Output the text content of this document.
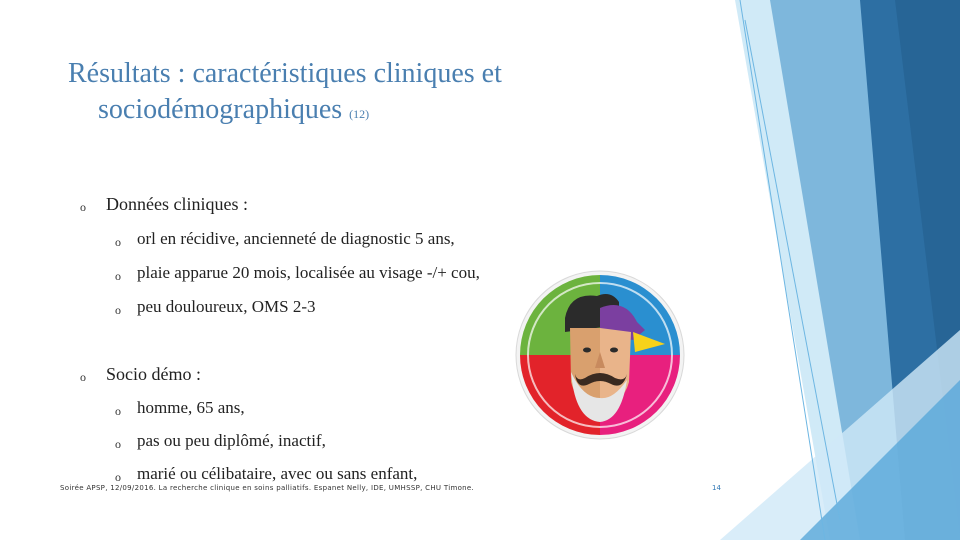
Résultats : caractéristiques cliniques et
sociodémographiques (12)
o Données cliniques :
o orl en récidive, ancienneté de diagnostic 5 ans,
o plaie apparue 20 mois, localisée au visage -/+ cou,
o peu douloureux, OMS 2-3
o Socio démo :
o homme, 65 ans,
o pas ou peu diplômé, inactif,
o marié ou célibataire, avec ou sans enfant,
Soirée APSP, 12/09/2016. La recherche clinique en soins palliatifs. Espanet Nelly, IDE, UMHSSP, CHU Timone.	14
